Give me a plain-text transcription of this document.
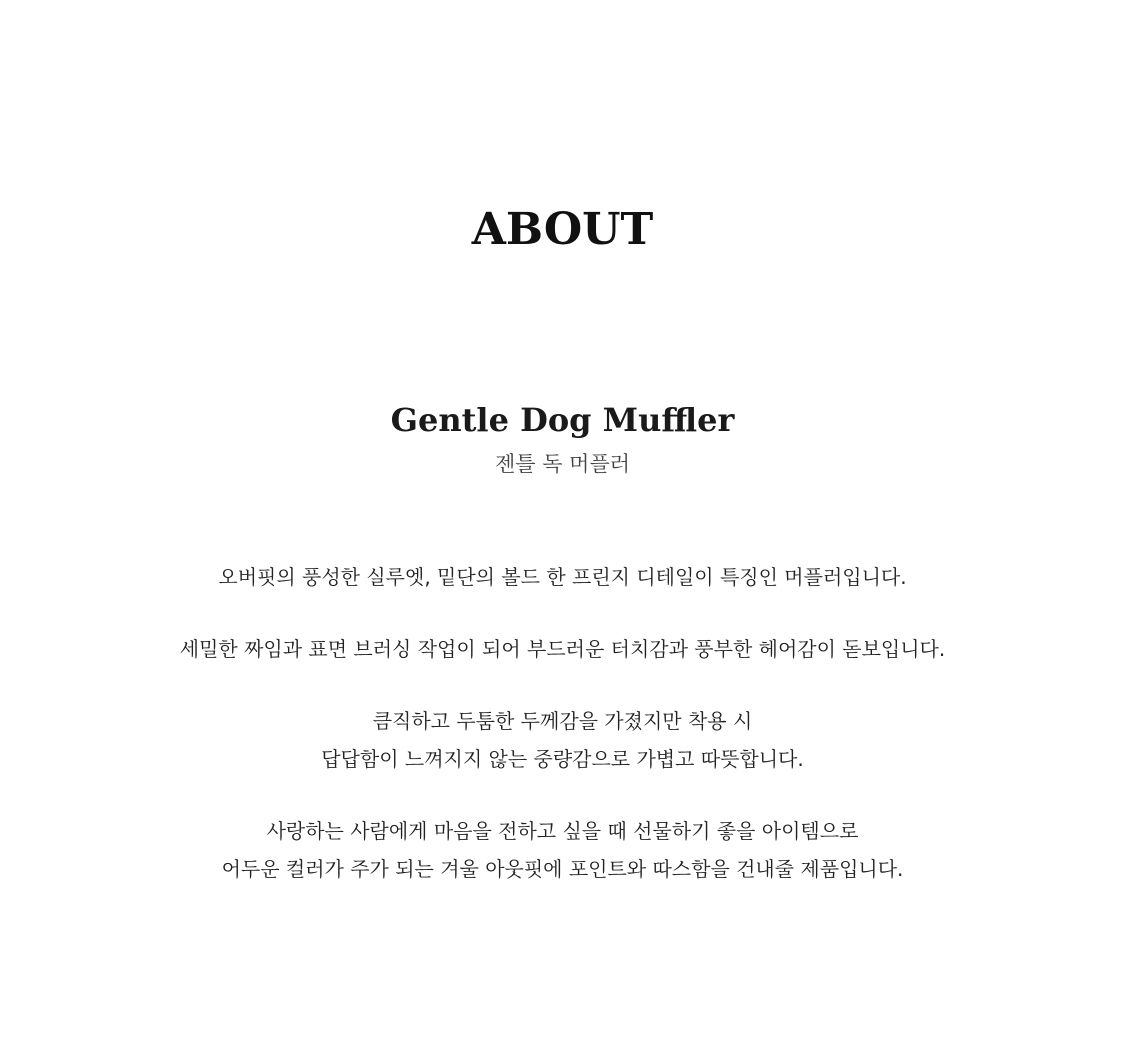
ABOUT
Gentle Dog Muffler
젠틀 독 머플러

오버핏의 풍성한 실루엣, 밑단의 볼드 한 프린지 디테일이 특징인 머플러입니다.

세밀한 짜임과 표면 브러싱 작업이 되어 부드러운 터치감과 풍부한 헤어감이 돋보입니다.

큼직하고 두툼한 두께감을 가졌지만 착용 시
답답함이 느껴지지 않는 중량감으로 가볍고 따뜻합니다.

사랑하는 사람에게 마음을 전하고 싶을 때 선물하기 좋을 아이템으로
어두운 컬러가 주가 되는 겨울 아웃핏에 포인트와 따스함을 건내줄 제품입니다.
